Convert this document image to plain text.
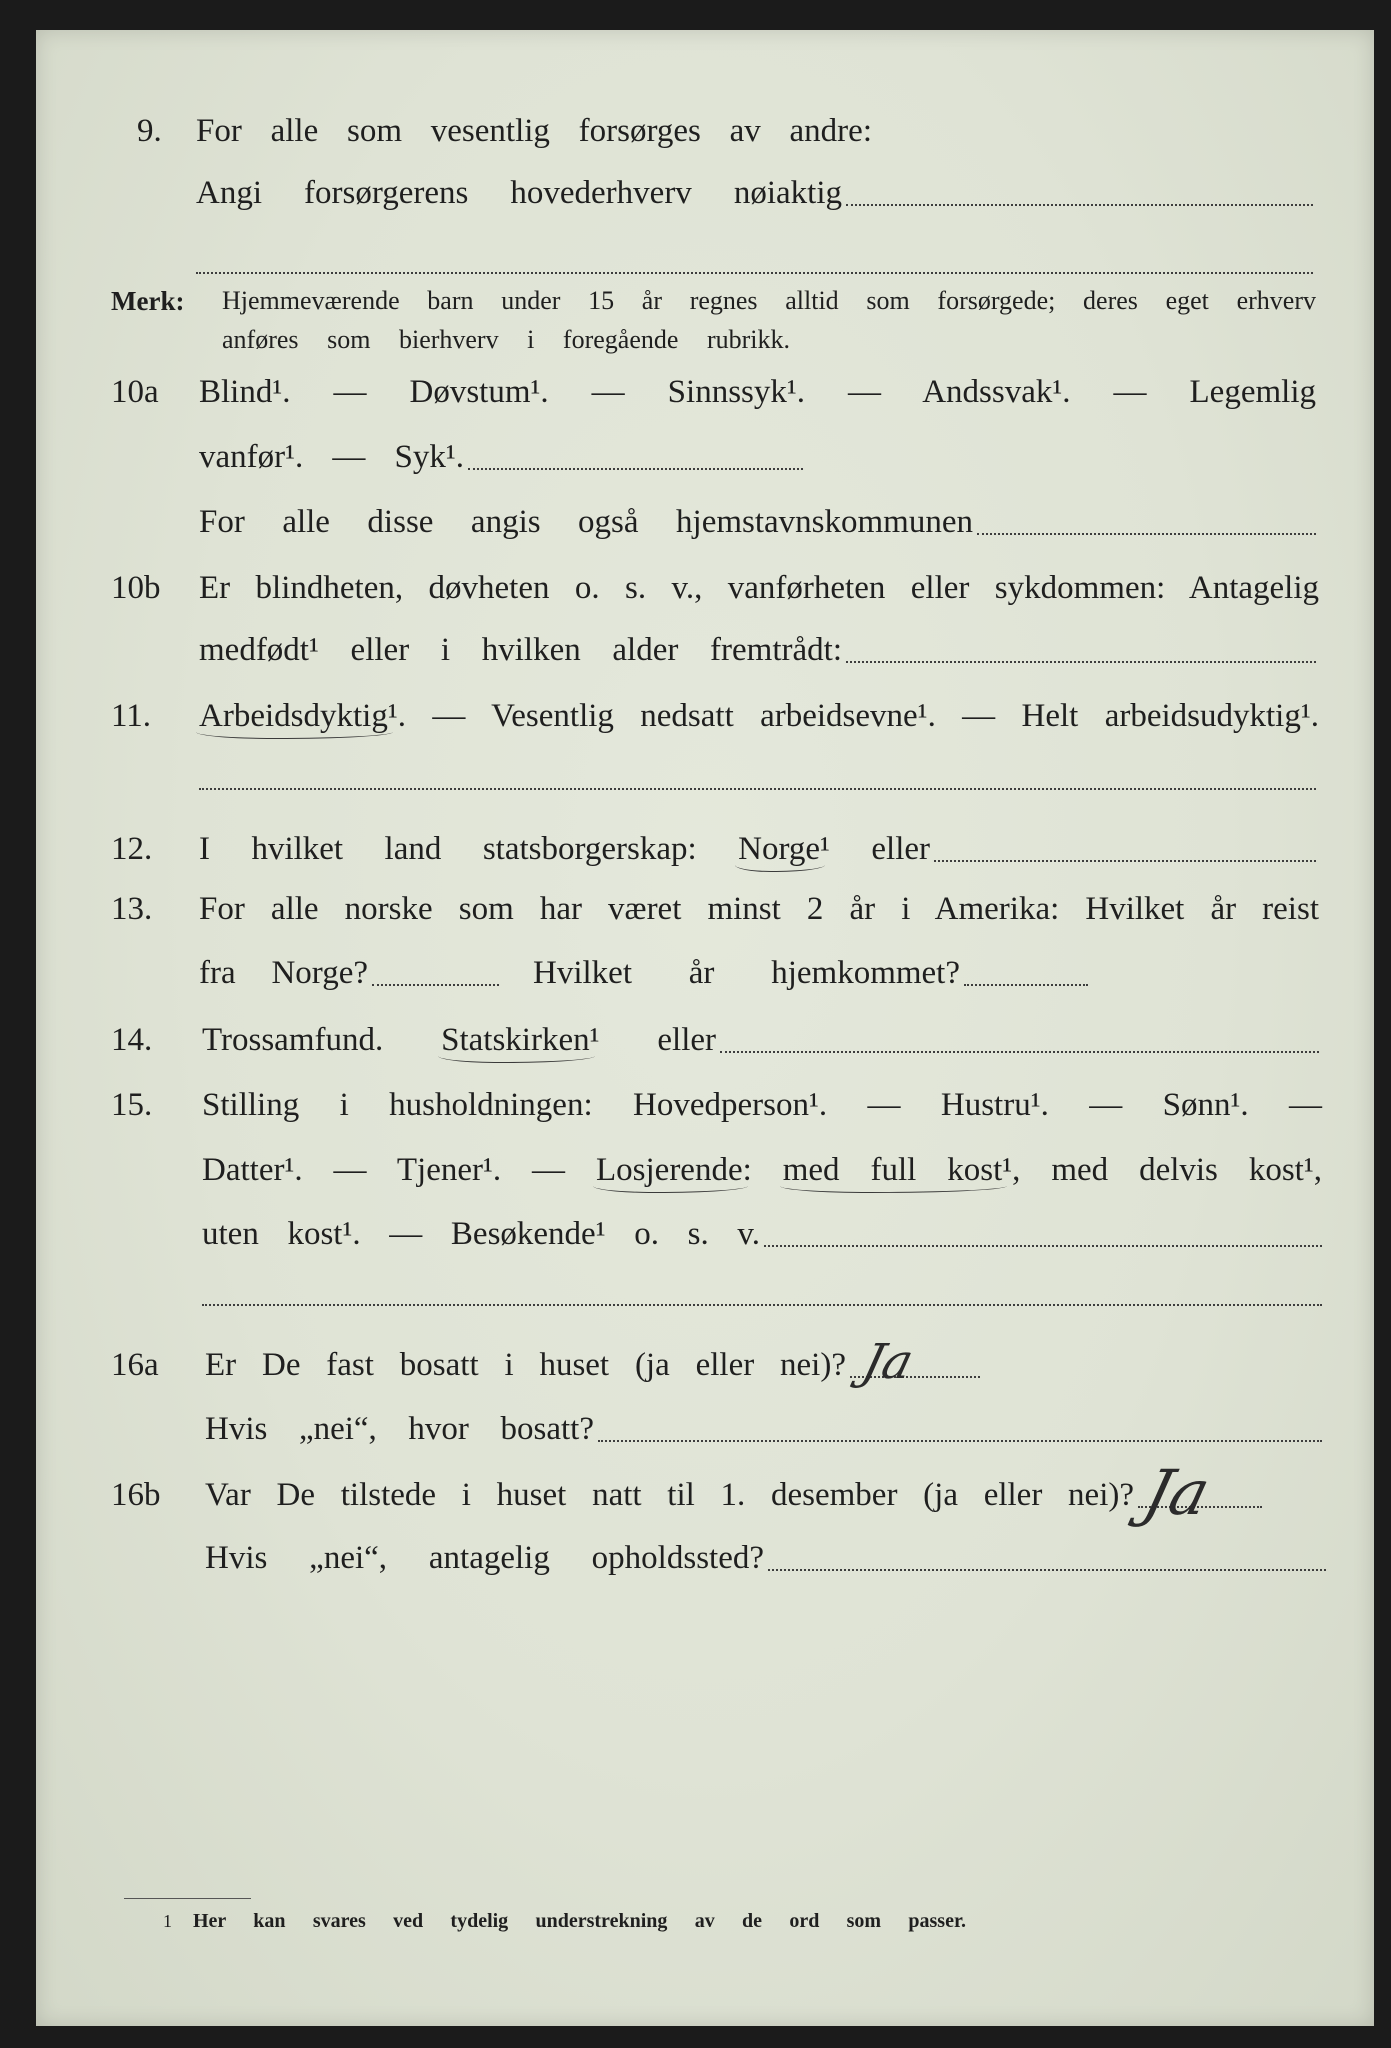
9. For alle som vesentlig forsørges av andre:
Angi forsørgerens hovederhverv nøiaktig
Merk: Hjemmeværende barn under 15 år regnes alltid som forsørgede; deres eget erhverv
anføres som bierhverv i foregående rubrikk.
10a Blind¹. — Døvstum¹. — Sinnssyk¹. — Andssvak¹. — Legemlig
vanfør¹. — Syk¹.
For alle disse angis også hjemstavnskommunen
10b Er blindheten, døvheten o. s. v., vanførheten eller sykdommen: Antagelig
medfødt¹ eller i hvilken alder fremtrådt:
11. Arbeidsdyktig¹. — Vesentlig nedsatt arbeidsevne¹. — Helt arbeidsudyktig¹.
12. I hvilket land statsborgerskap: Norge¹ eller
13. For alle norske som har været minst 2 år i Amerika: Hvilket år reist
fra Norge?	Hvilket år hjemkommet?
14. Trossamfund. Statskirken¹ eller
15. Stilling i husholdningen: Hovedperson¹. — Hustru¹. — Sønn¹. —
Datter¹. — Tjener¹. — Losjerende: med full kost¹, med delvis kost¹,
uten kost¹. — Besøkende¹ o. s. v.
16a Er De fast bosatt i huset (ja eller nei)? Ja
Hvis „nei“, hvor bosatt?
16b Var De tilstede i huset natt til 1. desember (ja eller nei)? Ja
Hvis „nei“, antagelig opholdssted?
1 Her kan svares ved tydelig understrekning av de ord som passer.
